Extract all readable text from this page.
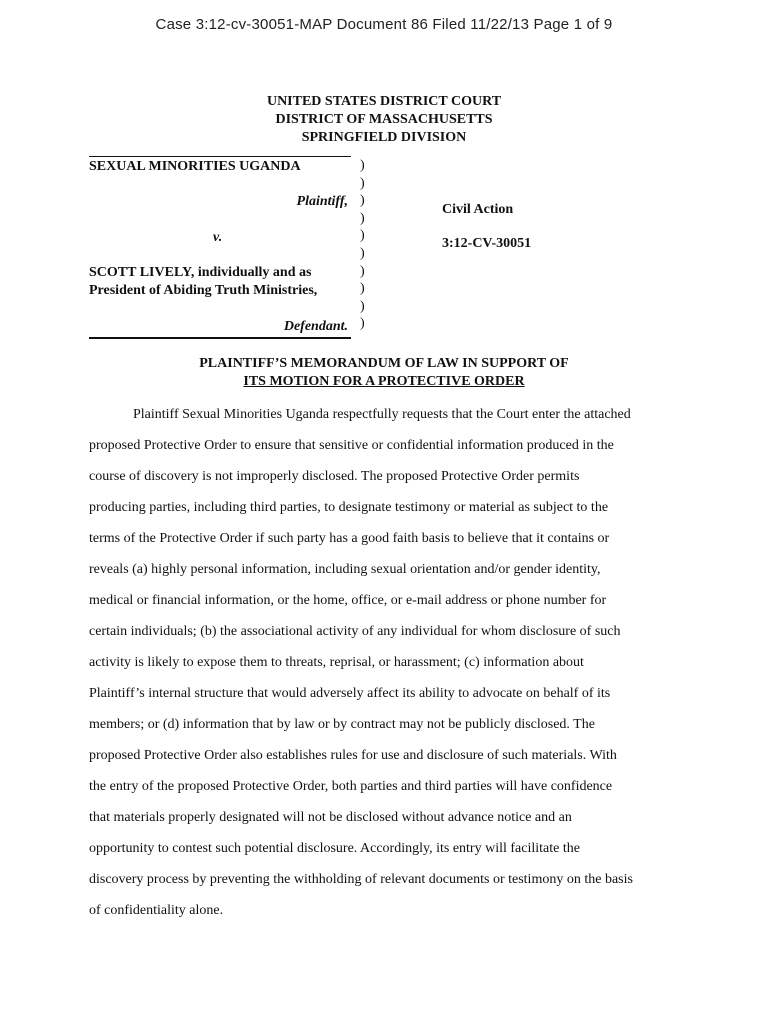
Case 3:12-cv-30051-MAP Document 86 Filed 11/22/13 Page 1 of 9
UNITED STATES DISTRICT COURT
DISTRICT OF MASSACHUSETTS
SPRINGFIELD DIVISION
SEXUAL MINORITIES UGANDA
Plaintiff,
v.
SCOTT LIVELY, individually and as
President of Abiding Truth Ministries,
Defendant.
)
)
)
)
)
)
)
)
)
)
Civil Action
3:12-CV-30051
PLAINTIFF’S MEMORANDUM OF LAW IN SUPPORT OF
ITS MOTION FOR A PROTECTIVE ORDER
Plaintiff Sexual Minorities Uganda respectfully requests that the Court enter the attached
proposed Protective Order to ensure that sensitive or confidential information produced in the
course of discovery is not improperly disclosed. The proposed Protective Order permits
producing parties, including third parties, to designate testimony or material as subject to the
terms of the Protective Order if such party has a good faith basis to believe that it contains or
reveals (a) highly personal information, including sexual orientation and/or gender identity,
medical or financial information, or the home, office, or e-mail address or phone number for
certain individuals; (b) the associational activity of any individual for whom disclosure of such
activity is likely to expose them to threats, reprisal, or harassment; (c) information about
Plaintiff’s internal structure that would adversely affect its ability to advocate on behalf of its
members; or (d) information that by law or by contract may not be publicly disclosed. The
proposed Protective Order also establishes rules for use and disclosure of such materials. With
the entry of the proposed Protective Order, both parties and third parties will have confidence
that materials properly designated will not be disclosed without advance notice and an
opportunity to contest such potential disclosure. Accordingly, its entry will facilitate the
discovery process by preventing the withholding of relevant documents or testimony on the basis
of confidentiality alone.
